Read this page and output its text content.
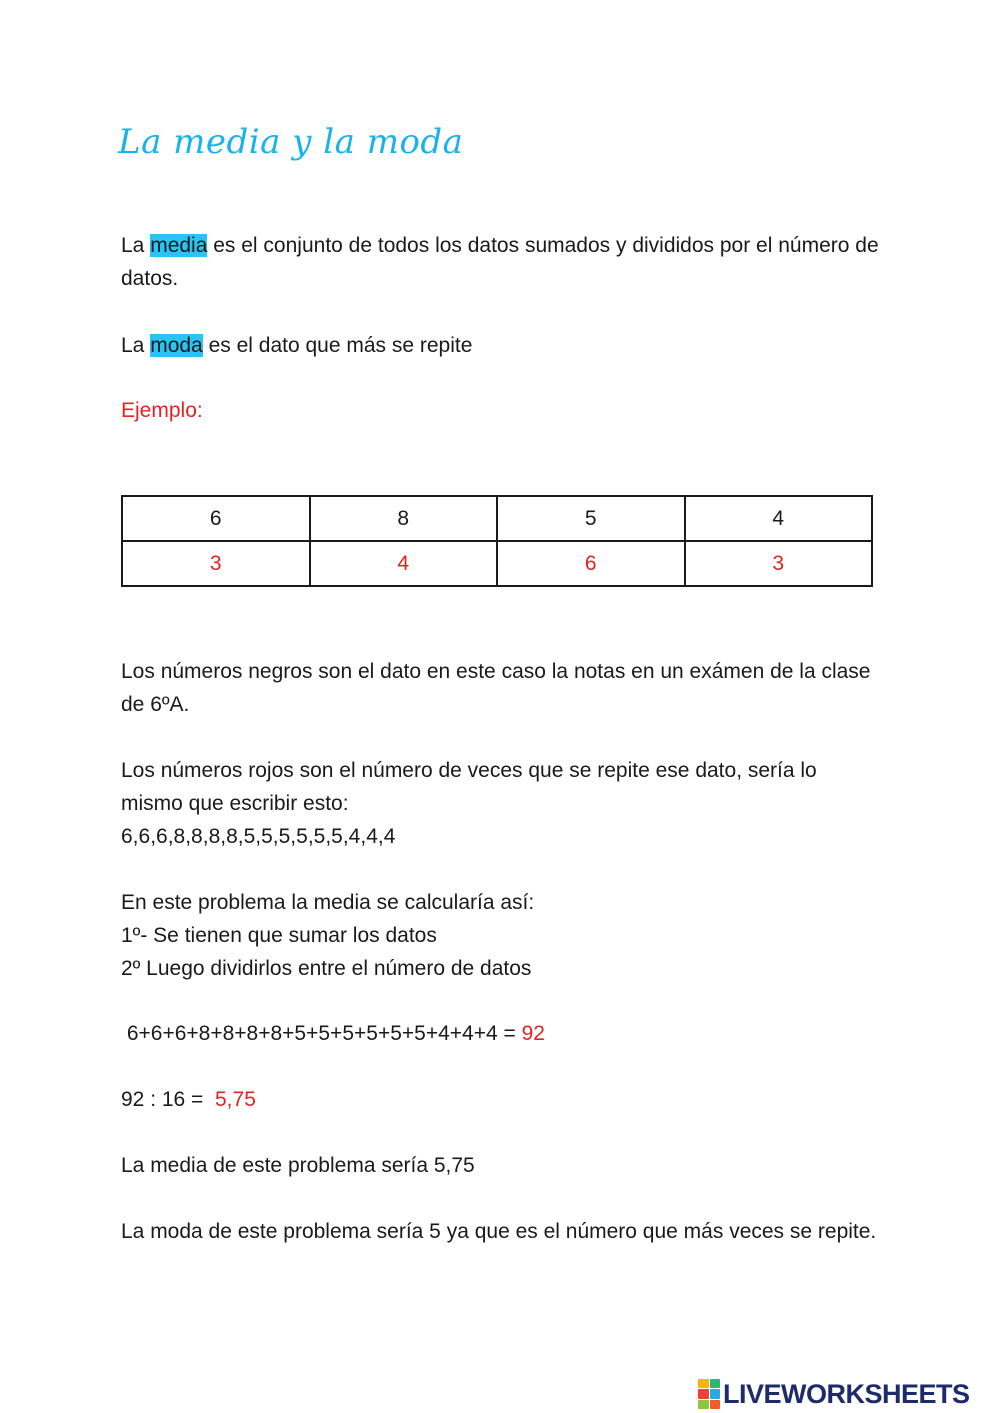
La media y la moda

La media es el conjunto de todos los datos sumados y divididos por el número de datos.

La moda es el dato que más se repite

Ejemplo:

6	8	5	4
3	4	6	3

Los números negros son el dato en este caso la notas en un exámen de la clase de 6ºA.

Los números rojos son el número de veces que se repite ese dato, sería lo mismo que escribir esto:

6,6,6,8,8,8,8,5,5,5,5,5,5,4,4,4

En este problema la media se calcularía así:

1º- Se tienen que sumar los datos

2º Luego dividirlos entre el número de datos

6+6+6+8+8+8+8+5+5+5+5+5+5+4+4+4 = 92

92 : 16 =  5,75

La media de este problema sería 5,75

La moda de este problema sería 5 ya que es el número que más veces se repite.

LIVEWORKSHEETS
